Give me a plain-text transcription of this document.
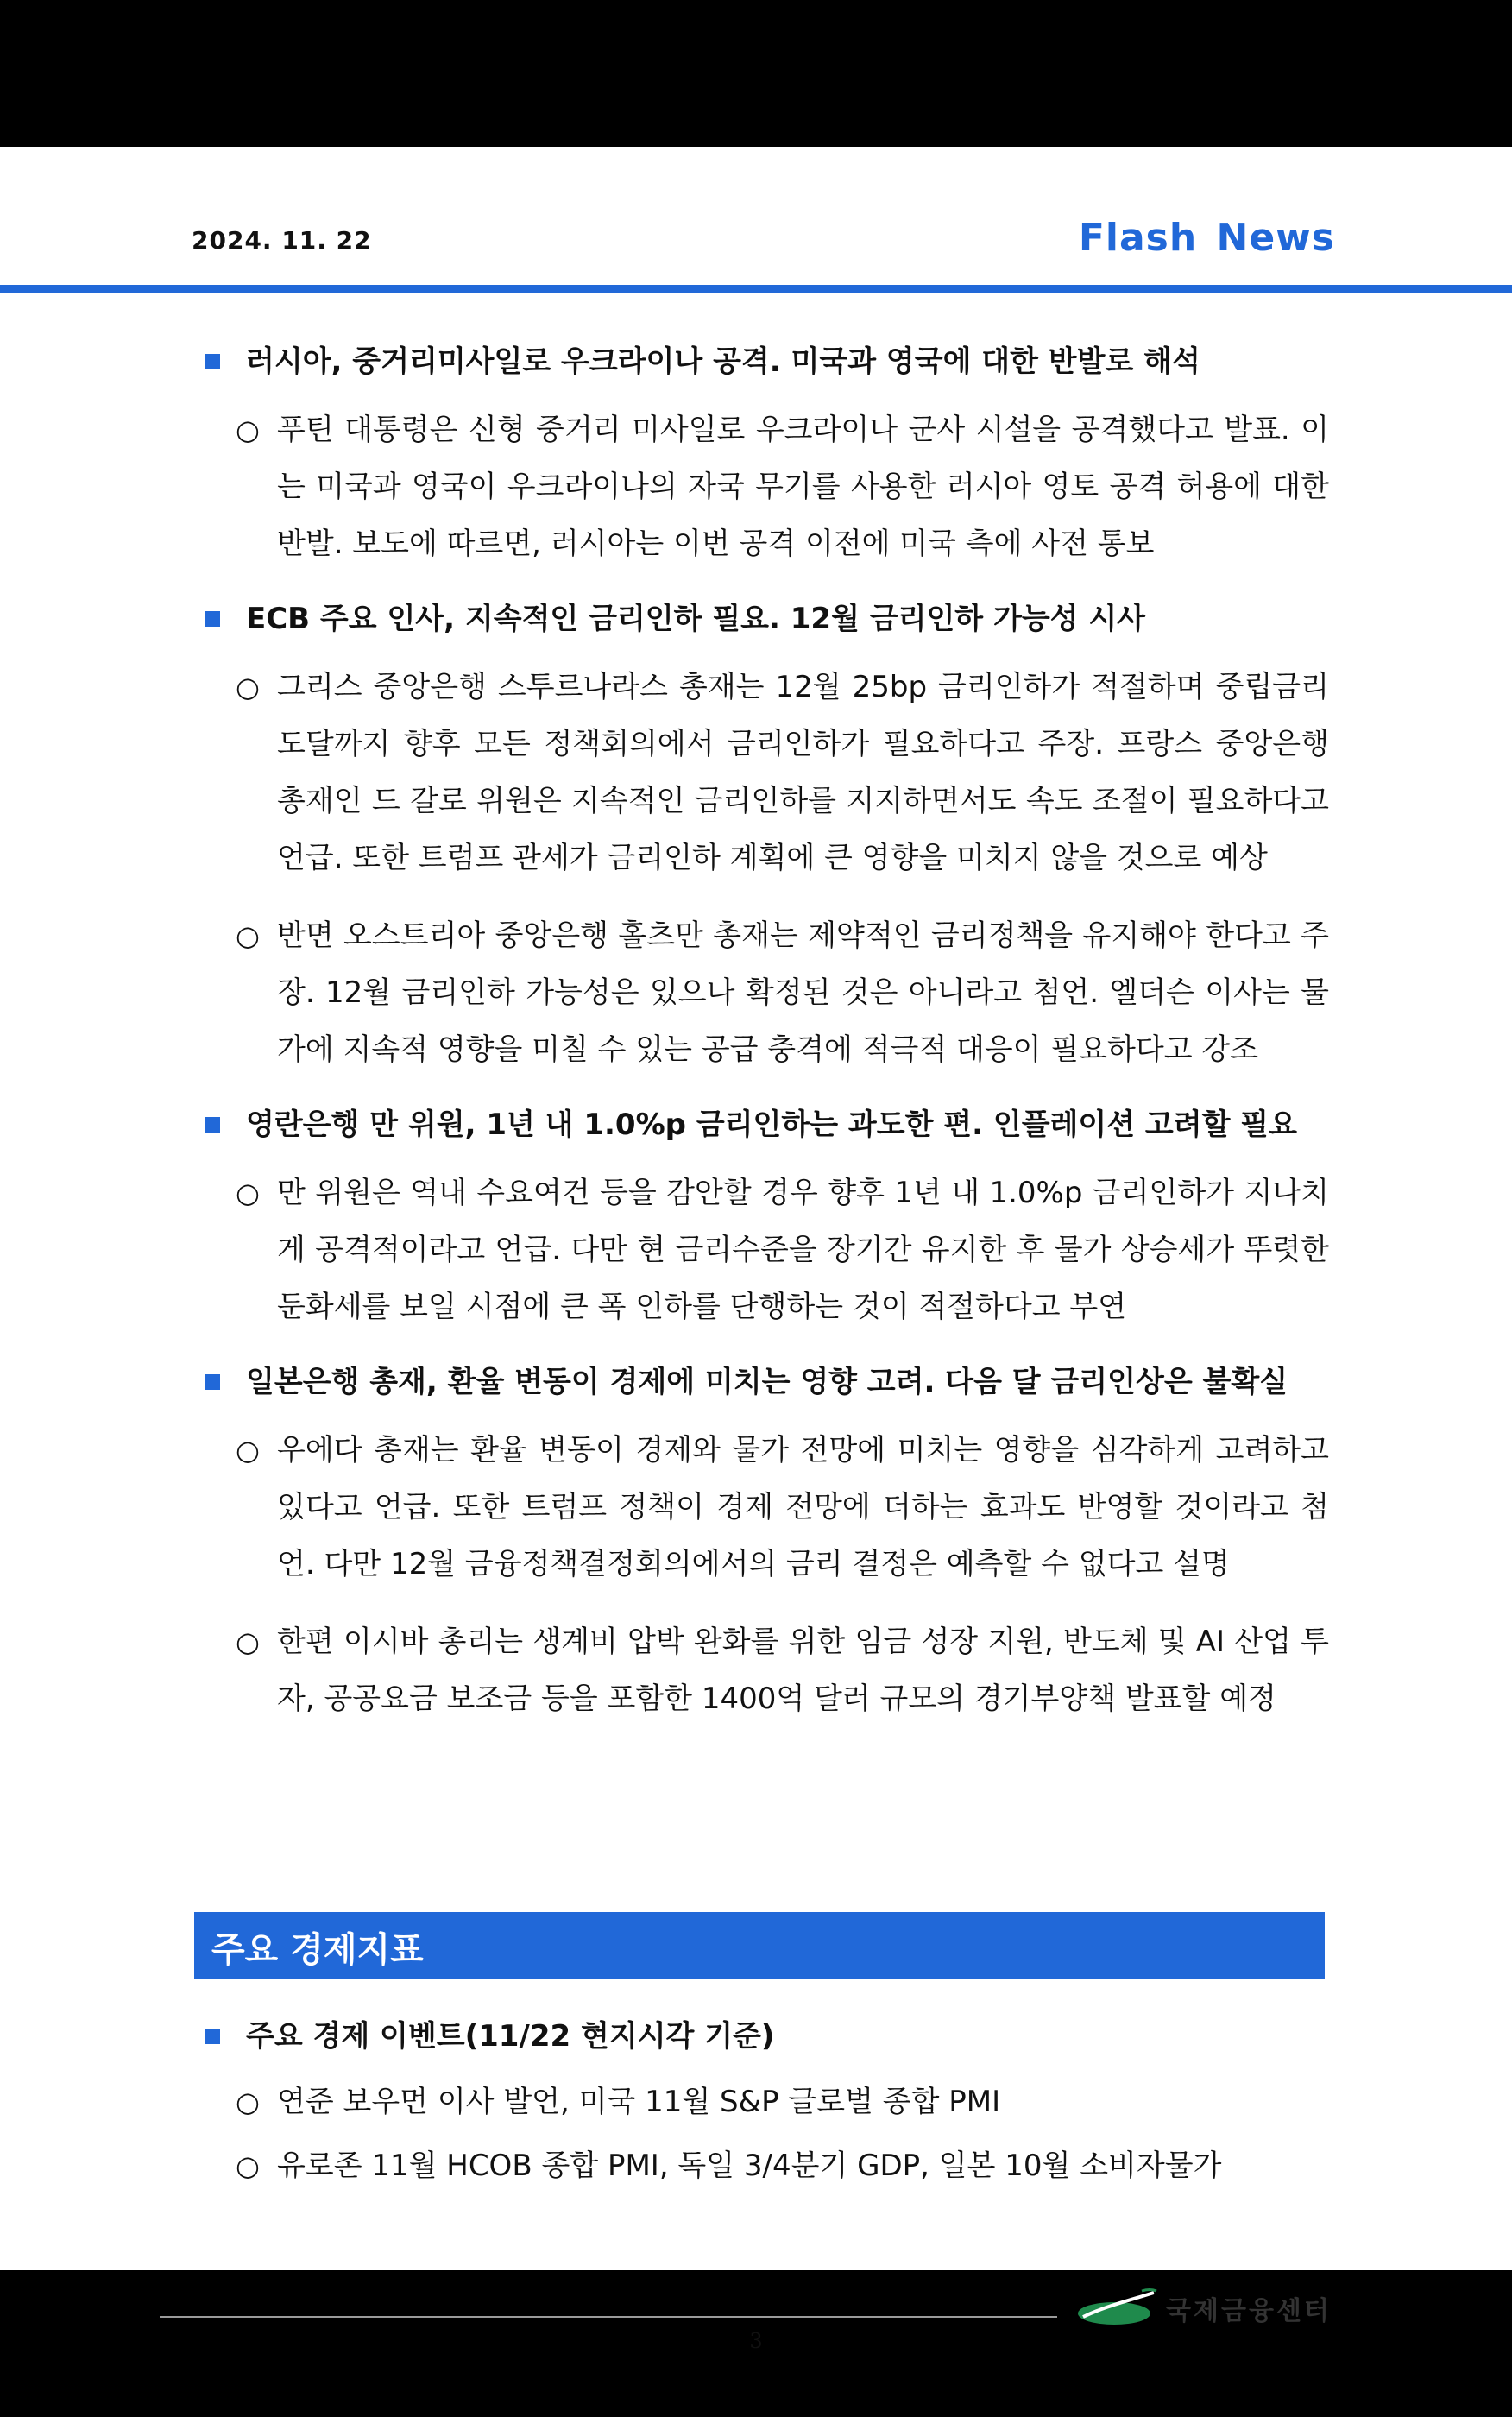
2024. 11. 22	Flash News
러시아, 중거리미사일로 우크라이나 공격. 미국과 영국에 대한 반발로 해석
○ 푸틴 대통령은 신형 중거리 미사일로 우크라이나 군사 시설을 공격했다고 발표. 이는 미국과 영국이 우크라이나의 자국 무기를 사용한 러시아 영토 공격 허용에 대한 반발. 보도에 따르면, 러시아는 이번 공격 이전에 미국 측에 사전 통보
ECB 주요 인사, 지속적인 금리인하 필요. 12월 금리인하 가능성 시사
○ 그리스 중앙은행 스투르나라스 총재는 12월 25bp 금리인하가 적절하며 중립금리 도달까지 향후 모든 정책회의에서 금리인하가 필요하다고 주장. 프랑스 중앙은행 총재인 드 갈로 위원은 지속적인 금리인하를 지지하면서도 속도 조절이 필요하다고 언급. 또한 트럼프 관세가 금리인하 계획에 큰 영향을 미치지 않을 것으로 예상
○ 반면 오스트리아 중앙은행 홀츠만 총재는 제약적인 금리정책을 유지해야 한다고 주장. 12월 금리인하 가능성은 있으나 확정된 것은 아니라고 첨언. 엘더슨 이사는 물가에 지속적 영향을 미칠 수 있는 공급 충격에 적극적 대응이 필요하다고 강조
영란은행 만 위원, 1년 내 1.0%p 금리인하는 과도한 편. 인플레이션 고려할 필요
○ 만 위원은 역내 수요여건 등을 감안할 경우 향후 1년 내 1.0%p 금리인하가 지나치게 공격적이라고 언급. 다만 현 금리수준을 장기간 유지한 후 물가 상승세가 뚜렷한 둔화세를 보일 시점에 큰 폭 인하를 단행하는 것이 적절하다고 부연
일본은행 총재, 환율 변동이 경제에 미치는 영향 고려. 다음 달 금리인상은 불확실
○ 우에다 총재는 환율 변동이 경제와 물가 전망에 미치는 영향을 심각하게 고려하고 있다고 언급. 또한 트럼프 정책이 경제 전망에 더하는 효과도 반영할 것이라고 첨언. 다만 12월 금융정책결정회의에서의 금리 결정은 예측할 수 없다고 설명
○ 한편 이시바 총리는 생계비 압박 완화를 위한 임금 성장 지원, 반도체 및 AI 산업 투자, 공공요금 보조금 등을 포함한 1400억 달러 규모의 경기부양책 발표할 예정
주요 경제지표
주요 경제 이벤트(11/22 현지시각 기준)
○ 연준 보우먼 이사 발언, 미국 11월 S&P 글로벌 종합 PMI
○ 유로존 11월 HCOB 종합 PMI, 독일 3/4분기 GDP, 일본 10월 소비자물가
국제금융센터
3
